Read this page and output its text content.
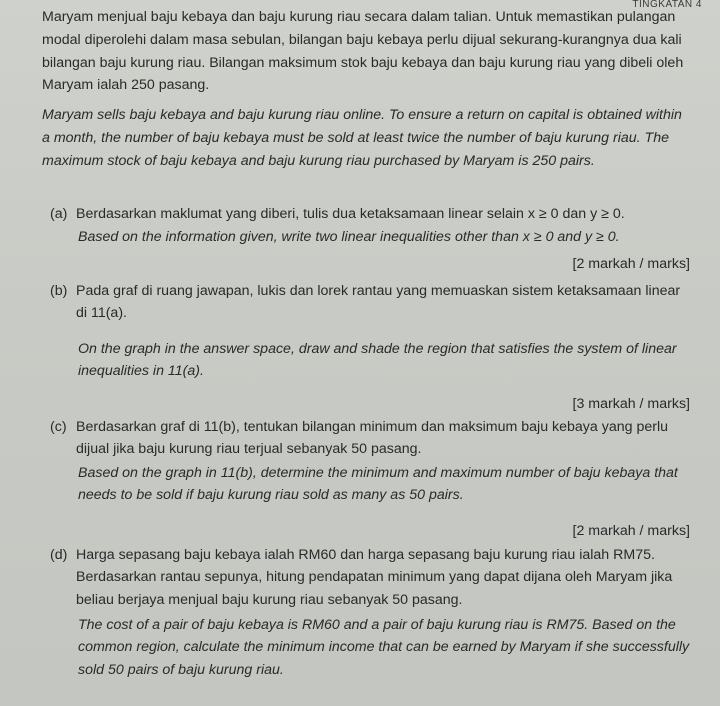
TINGKATAN 4
Maryam menjual baju kebaya dan baju kurung riau secara dalam talian. Untuk memastikan pulangan modal diperolehi dalam masa sebulan, bilangan baju kebaya perlu dijual sekurang-kurangnya dua kali bilangan baju kurung riau. Bilangan maksimum stok baju kebaya dan baju kurung riau yang dibeli oleh Maryam ialah 250 pasang.
Maryam sells baju kebaya and baju kurung riau online. To ensure a return on capital is obtained within a month, the number of baju kebaya must be sold at least twice the number of baju kurung riau. The maximum stock of baju kebaya and baju kurung riau purchased by Maryam is 250 pairs.
(a) Berdasarkan maklumat yang diberi, tulis dua ketaksamaan linear selain x ≥ 0 dan y ≥ 0.
Based on the information given, write two linear inequalities other than x ≥ 0 and y ≥ 0.
[2 markah / marks]
(b) Pada graf di ruang jawapan, lukis dan lorek rantau yang memuaskan sistem ketaksamaan linear di 11(a).
On the graph in the answer space, draw and shade the region that satisfies the system of linear inequalities in 11(a).
[3 markah / marks]
(c) Berdasarkan graf di 11(b), tentukan bilangan minimum dan maksimum baju kebaya yang perlu dijual jika baju kurung riau terjual sebanyak 50 pasang.
Based on the graph in 11(b), determine the minimum and maximum number of baju kebaya that needs to be sold if baju kurung riau sold as many as 50 pairs.
[2 markah / marks]
(d) Harga sepasang baju kebaya ialah RM60 dan harga sepasang baju kurung riau ialah RM75. Berdasarkan rantau sepunya, hitung pendapatan minimum yang dapat dijana oleh Maryam jika beliau berjaya menjual baju kurung riau sebanyak 50 pasang.
The cost of a pair of baju kebaya is RM60 and a pair of baju kurung riau is RM75. Based on the common region, calculate the minimum income that can be earned by Maryam if she successfully sold 50 pairs of baju kurung riau.
